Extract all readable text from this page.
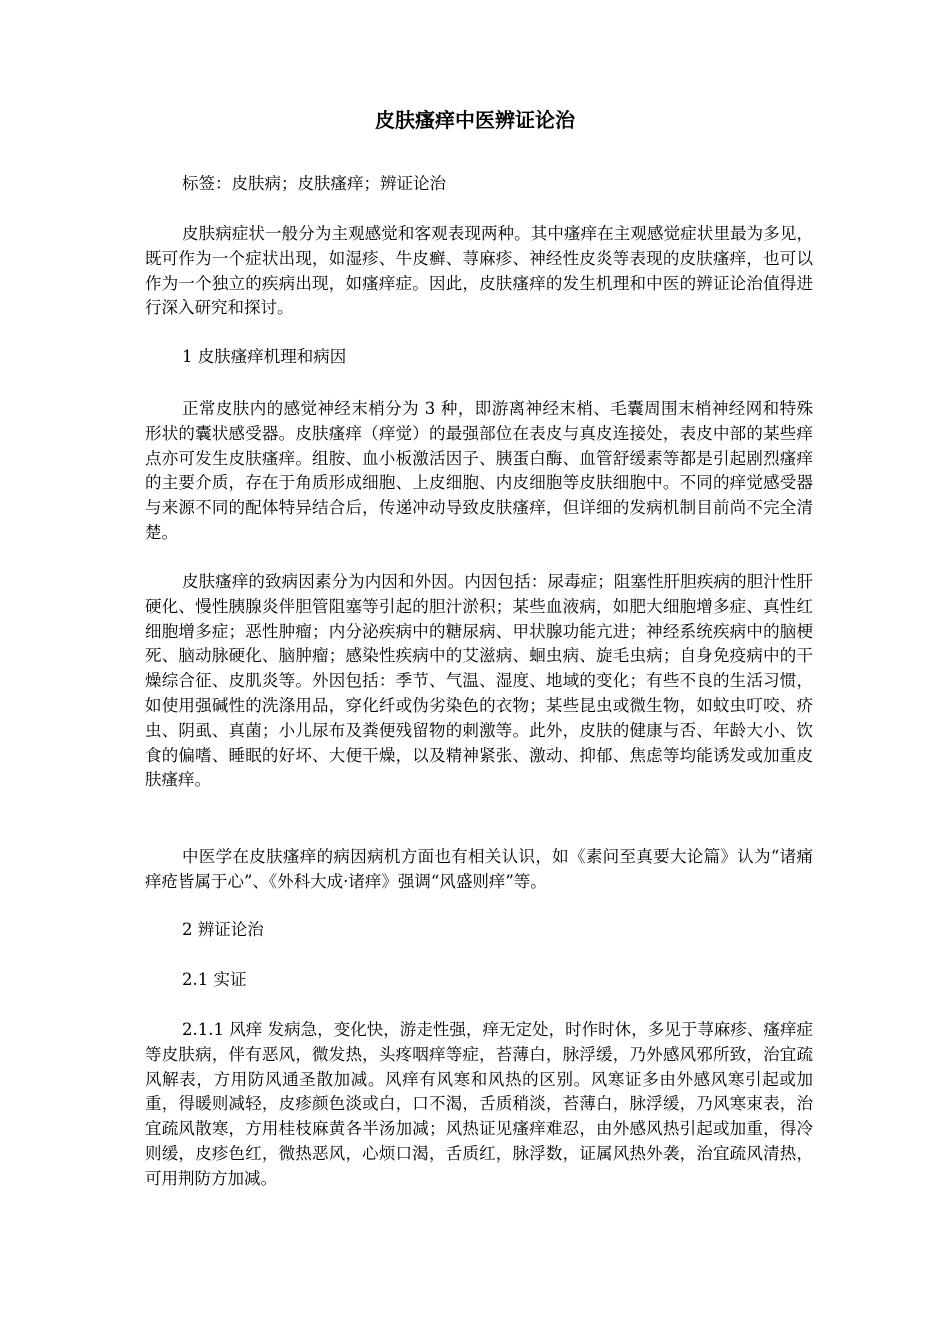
皮肤瘙痒中医辨证论治

标签：皮肤病；皮肤瘙痒；辨证论治

皮肤病症状一般分为主观感觉和客观表现两种。其中瘙痒在主观感觉症状里最为多见，既可作为一个症状出现，如湿疹、牛皮癣、荨麻疹、神经性皮炎等表现的皮肤瘙痒，也可以作为一个独立的疾病出现，如瘙痒症。因此，皮肤瘙痒的发生机理和中医的辨证论治值得进行深入研究和探讨。

1 皮肤瘙痒机理和病因

正常皮肤内的感觉神经末梢分为 3 种，即游离神经末梢、毛囊周围末梢神经网和特殊形状的囊状感受器。皮肤瘙痒（痒觉）的最强部位在表皮与真皮连接处，表皮中部的某些痒点亦可发生皮肤瘙痒。组胺、血小板激活因子、胰蛋白酶、血管舒缓素等都是引起剧烈瘙痒的主要介质，存在于角质形成细胞、上皮细胞、内皮细胞等皮肤细胞中。不同的痒觉感受器与来源不同的配体特异结合后，传递冲动导致皮肤瘙痒，但详细的发病机制目前尚不完全清楚。

皮肤瘙痒的致病因素分为内因和外因。内因包括：尿毒症；阻塞性肝胆疾病的胆汁性肝硬化、慢性胰腺炎伴胆管阻塞等引起的胆汁淤积；某些血液病，如肥大细胞增多症、真性红细胞增多症；恶性肿瘤；内分泌疾病中的糖尿病、甲状腺功能亢进；神经系统疾病中的脑梗死、脑动脉硬化、脑肿瘤；感染性疾病中的艾滋病、蛔虫病、旋毛虫病；自身免疫病中的干燥综合征、皮肌炎等。外因包括：季节、气温、湿度、地域的变化；有些不良的生活习惯，如使用强碱性的洗涤用品，穿化纤或伪劣染色的衣物；某些昆虫或微生物，如蚊虫叮咬、疥虫、阴虱、真菌；小儿尿布及粪便残留物的刺激等。此外，皮肤的健康与否、年龄大小、饮食的偏嗜、睡眠的好坏、大便干燥，以及精神紧张、激动、抑郁、焦虑等均能诱发或加重皮肤瘙痒。

中医学在皮肤瘙痒的病因病机方面也有相关认识，如《素问至真要大论篇》认为“诸痛痒疮皆属于心”、《外科大成·诸痒》强调“风盛则痒”等。

2 辨证论治

2.1 实证

2.1.1 风痒 发病急，变化快，游走性强，痒无定处，时作时休，多见于荨麻疹、瘙痒症等皮肤病，伴有恶风，微发热，头疼咽痒等症，苔薄白，脉浮缓，乃外感风邪所致，治宜疏风解表，方用防风通圣散加减。风痒有风寒和风热的区别。风寒证多由外感风寒引起或加重，得暖则减轻，皮疹颜色淡或白，口不渴，舌质稍淡，苔薄白，脉浮缓，乃风寒束表，治宜疏风散寒，方用桂枝麻黄各半汤加减；风热证见瘙痒难忍，由外感风热引起或加重，得冷则缓，皮疹色红，微热恶风，心烦口渴，舌质红，脉浮数，证属风热外袭，治宜疏风清热，可用荆防方加减。
